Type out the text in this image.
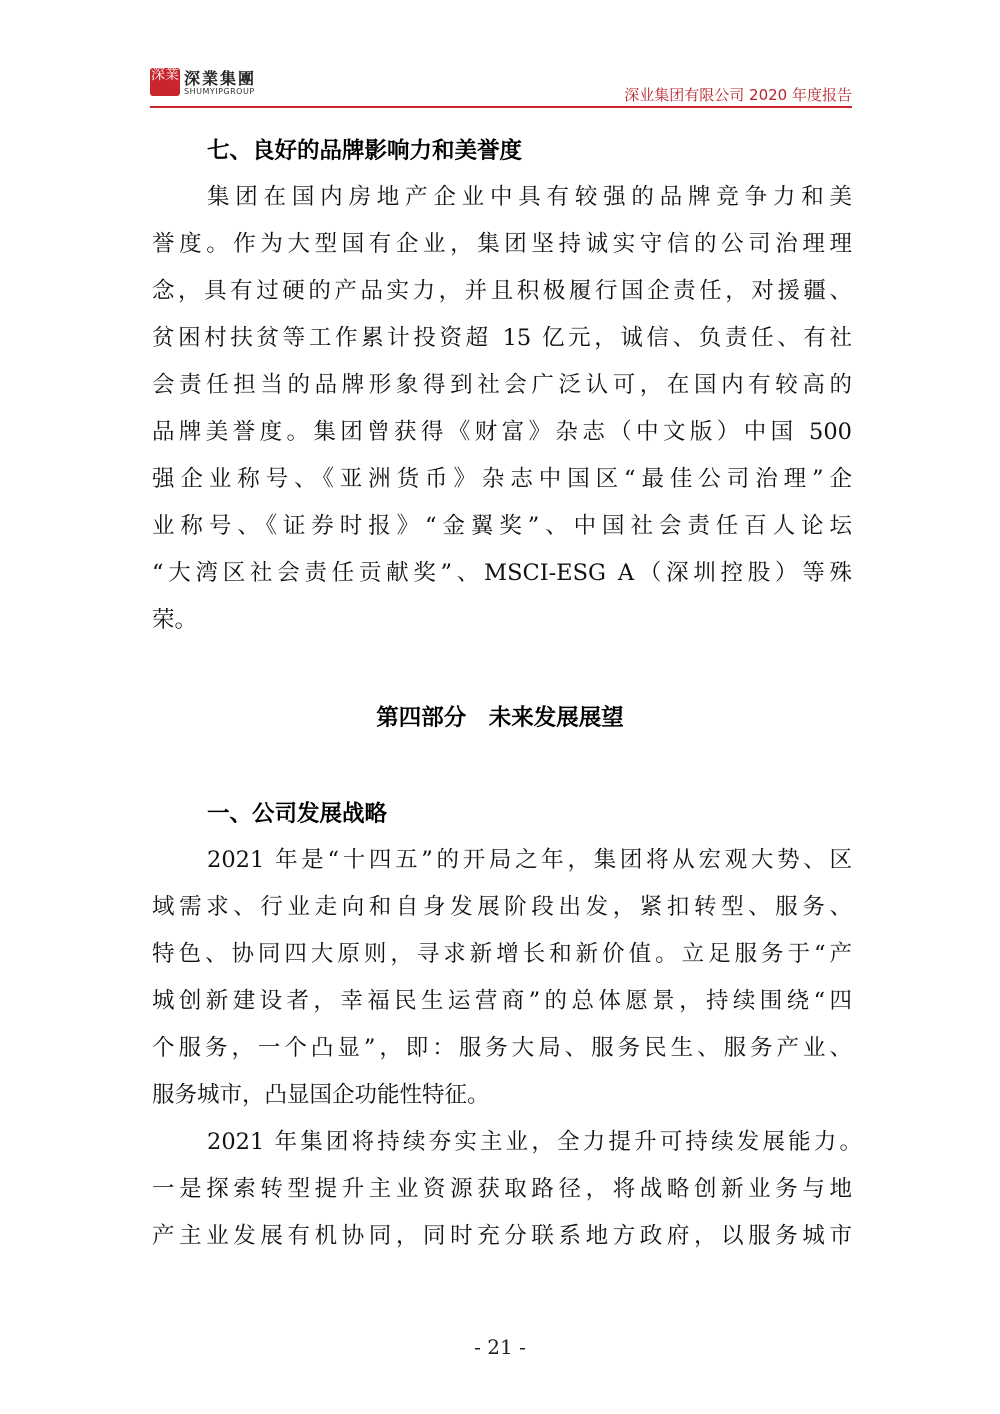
深業 深業集團
SHUMYIPGROUP	深业集团有限公司 2020 年度报告
七、良好的品牌影响力和美誉度
集团在国内房地产企业中具有较强的品牌竞争力和美
誉度。作为大型国有企业，集团坚持诚实守信的公司治理理
念，具有过硬的产品实力，并且积极履行国企责任，对援疆、
贫困村扶贫等工作累计投资超 15 亿元，诚信、负责任、有社
会责任担当的品牌形象得到社会广泛认可，在国内有较高的
品牌美誉度。集团曾获得《财富》杂志（中文版）中国 500
强企业称号、《亚洲货币》杂志中国区“最佳公司治理”企
业称号、《证券时报》“金翼奖”、中国社会责任百人论坛
“大湾区社会责任贡献奖”、MSCI-ESG A（深圳控股）等殊
荣。
第四部分　未来发展展望
一、公司发展战略
2021 年是“十四五”的开局之年，集团将从宏观大势、区
域需求、行业走向和自身发展阶段出发，紧扣转型、服务、
特色、协同四大原则，寻求新增长和新价值。立足服务于“产
城创新建设者，幸福民生运营商”的总体愿景，持续围绕“四
个服务，一个凸显”，即：服务大局、服务民生、服务产业、
服务城市，凸显国企功能性特征。
2021 年集团将持续夯实主业，全力提升可持续发展能力。
一是探索转型提升主业资源获取路径，将战略创新业务与地
产主业发展有机协同，同时充分联系地方政府，以服务城市
- 21 -
